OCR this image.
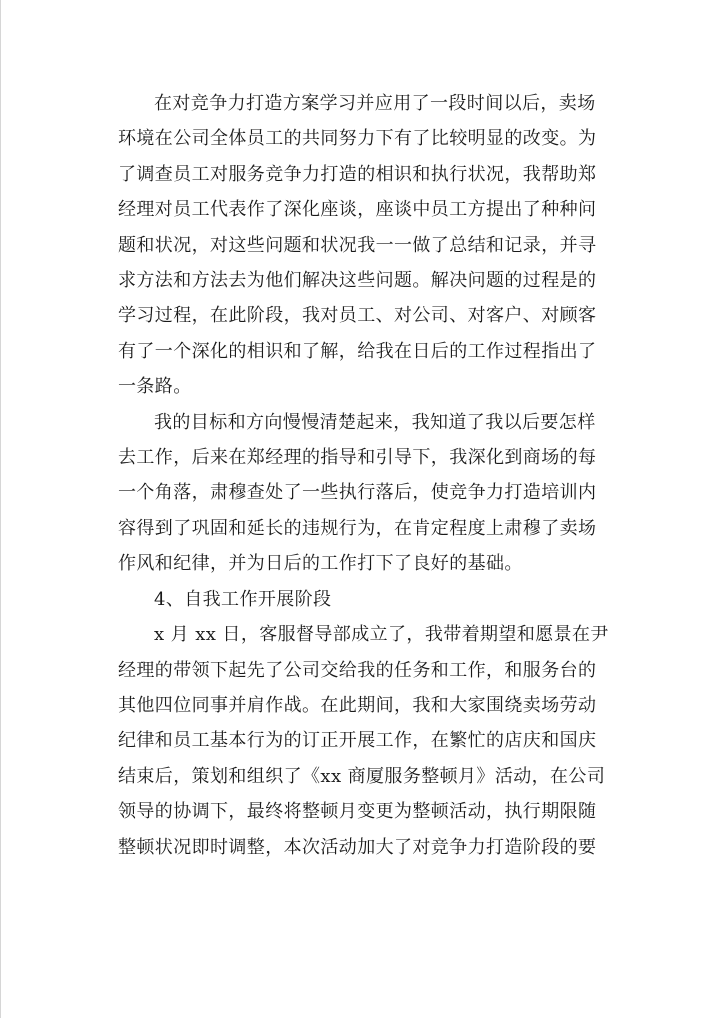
在对竞争力打造方案学习并应用了一段时间以后，卖场
环境在公司全体员工的共同努力下有了比较明显的改变。为
了调查员工对服务竞争力打造的相识和执行状况，我帮助郑
经理对员工代表作了深化座谈，座谈中员工方提出了种种问
题和状况，对这些问题和状况我一一做了总结和记录，并寻
求方法和方法去为他们解决这些问题。解决问题的过程是的
学习过程，在此阶段，我对员工、对公司、对客户、对顾客
有了一个深化的相识和了解，给我在日后的工作过程指出了
一条路。

我的目标和方向慢慢清楚起来，我知道了我以后要怎样
去工作，后来在郑经理的指导和引导下，我深化到商场的每
一个角落，肃穆查处了一些执行落后，使竞争力打造培训内
容得到了巩固和延长的违规行为，在肯定程度上肃穆了卖场
作风和纪律，并为日后的工作打下了良好的基础。

4、自我工作开展阶段

x 月 xx 日，客服督导部成立了，我带着期望和愿景在尹
经理的带领下起先了公司交给我的任务和工作，和服务台的
其他四位同事并肩作战。在此期间，我和大家围绕卖场劳动
纪律和员工基本行为的订正开展工作，在繁忙的店庆和国庆
结束后，策划和组织了《xx 商厦服务整顿月》活动，在公司
领导的协调下，最终将整顿月变更为整顿活动，执行期限随
整顿状况即时调整，本次活动加大了对竞争力打造阶段的要
